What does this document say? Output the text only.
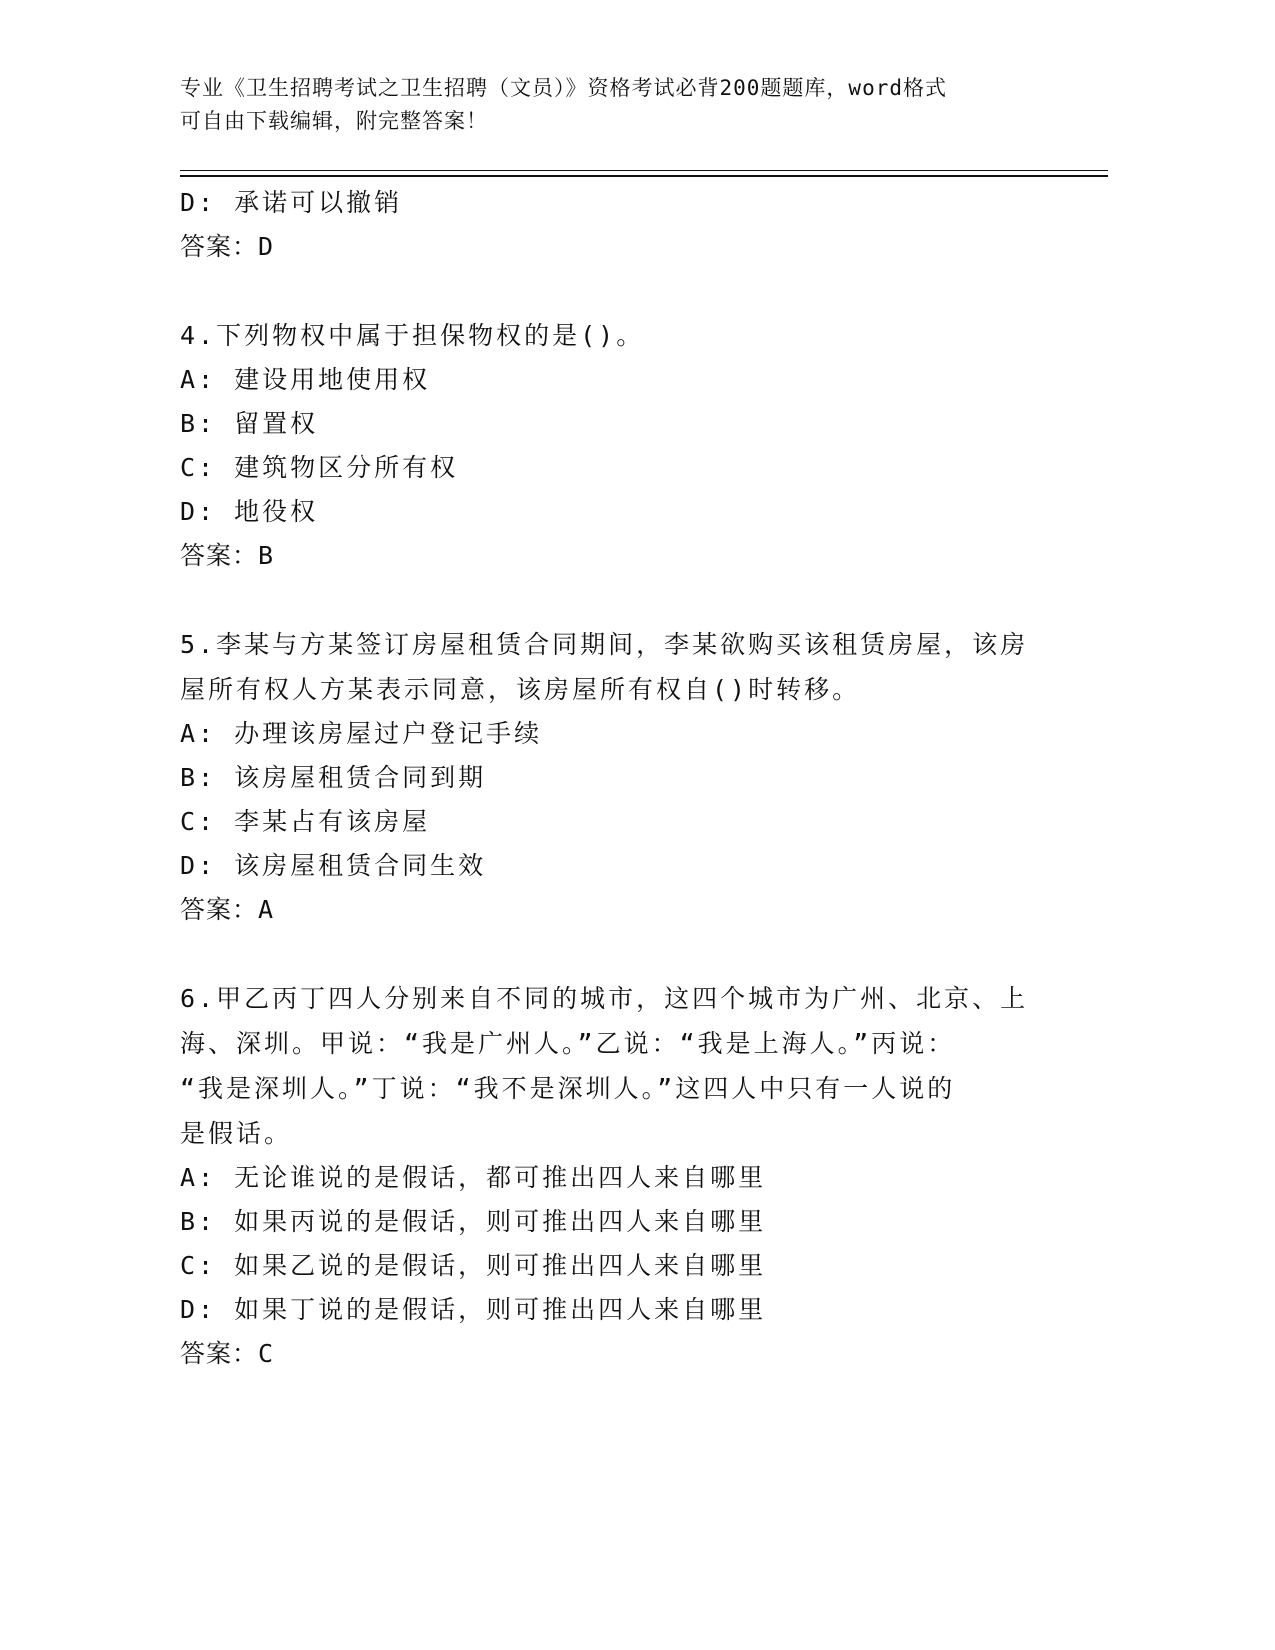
专业《卫生招聘考试之卫生招聘（文员）》资格考试必背200题题库，word格式
可自由下载编辑，附完整答案！
D: 承诺可以撤销
答案：D
4.下列物权中属于担保物权的是()。
A: 建设用地使用权
B: 留置权
C: 建筑物区分所有权
D: 地役权
答案：B
5.李某与方某签订房屋租赁合同期间，李某欲购买该租赁房屋，该房
屋所有权人方某表示同意，该房屋所有权自()时转移。
A: 办理该房屋过户登记手续
B: 该房屋租赁合同到期
C: 李某占有该房屋
D: 该房屋租赁合同生效
答案：A
6.甲乙丙丁四人分别来自不同的城市，这四个城市为广州、北京、上
海、深圳。甲说：“我是广州人。”乙说：“我是上海人。”丙说：
“我是深圳人。”丁说：“我不是深圳人。”这四人中只有一人说的
是假话。
A: 无论谁说的是假话，都可推出四人来自哪里
B: 如果丙说的是假话，则可推出四人来自哪里
C: 如果乙说的是假话，则可推出四人来自哪里
D: 如果丁说的是假话，则可推出四人来自哪里
答案：C
